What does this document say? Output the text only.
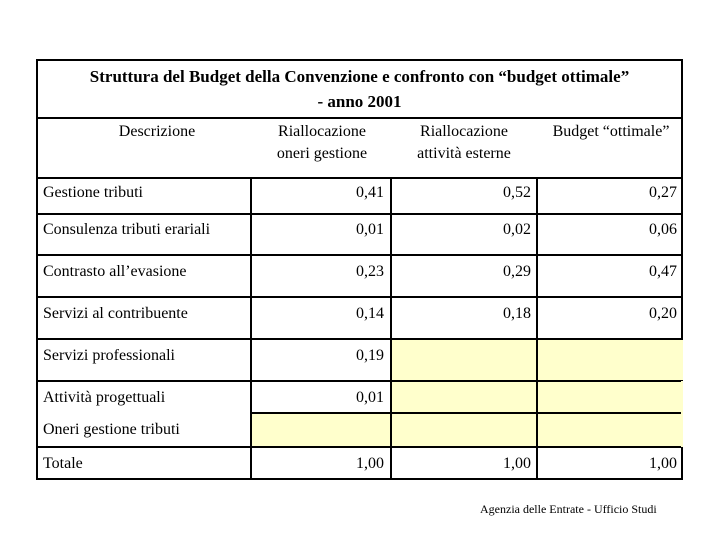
Struttura del Budget della Convenzione e confronto con “budget ottimale”
- anno 2001
Descrizione	Riallocazione
oneri gestione
Riallocazione
attività esterne
Budget “ottimale”
Gestione tributi
Consulenza tributi erariali
Contrasto all’evasione
Servizi al contribuente
Servizi professionali
Attività progettuali
Oneri gestione tributi
Totale
0,41
0,01
0,23
0,14
0,19
0,01
1,00
0,52
0,02
0,29
0,18
1,00
0,27
0,06
0,47
0,20
1,00
Agenzia delle Entrate - Ufficio Studi
